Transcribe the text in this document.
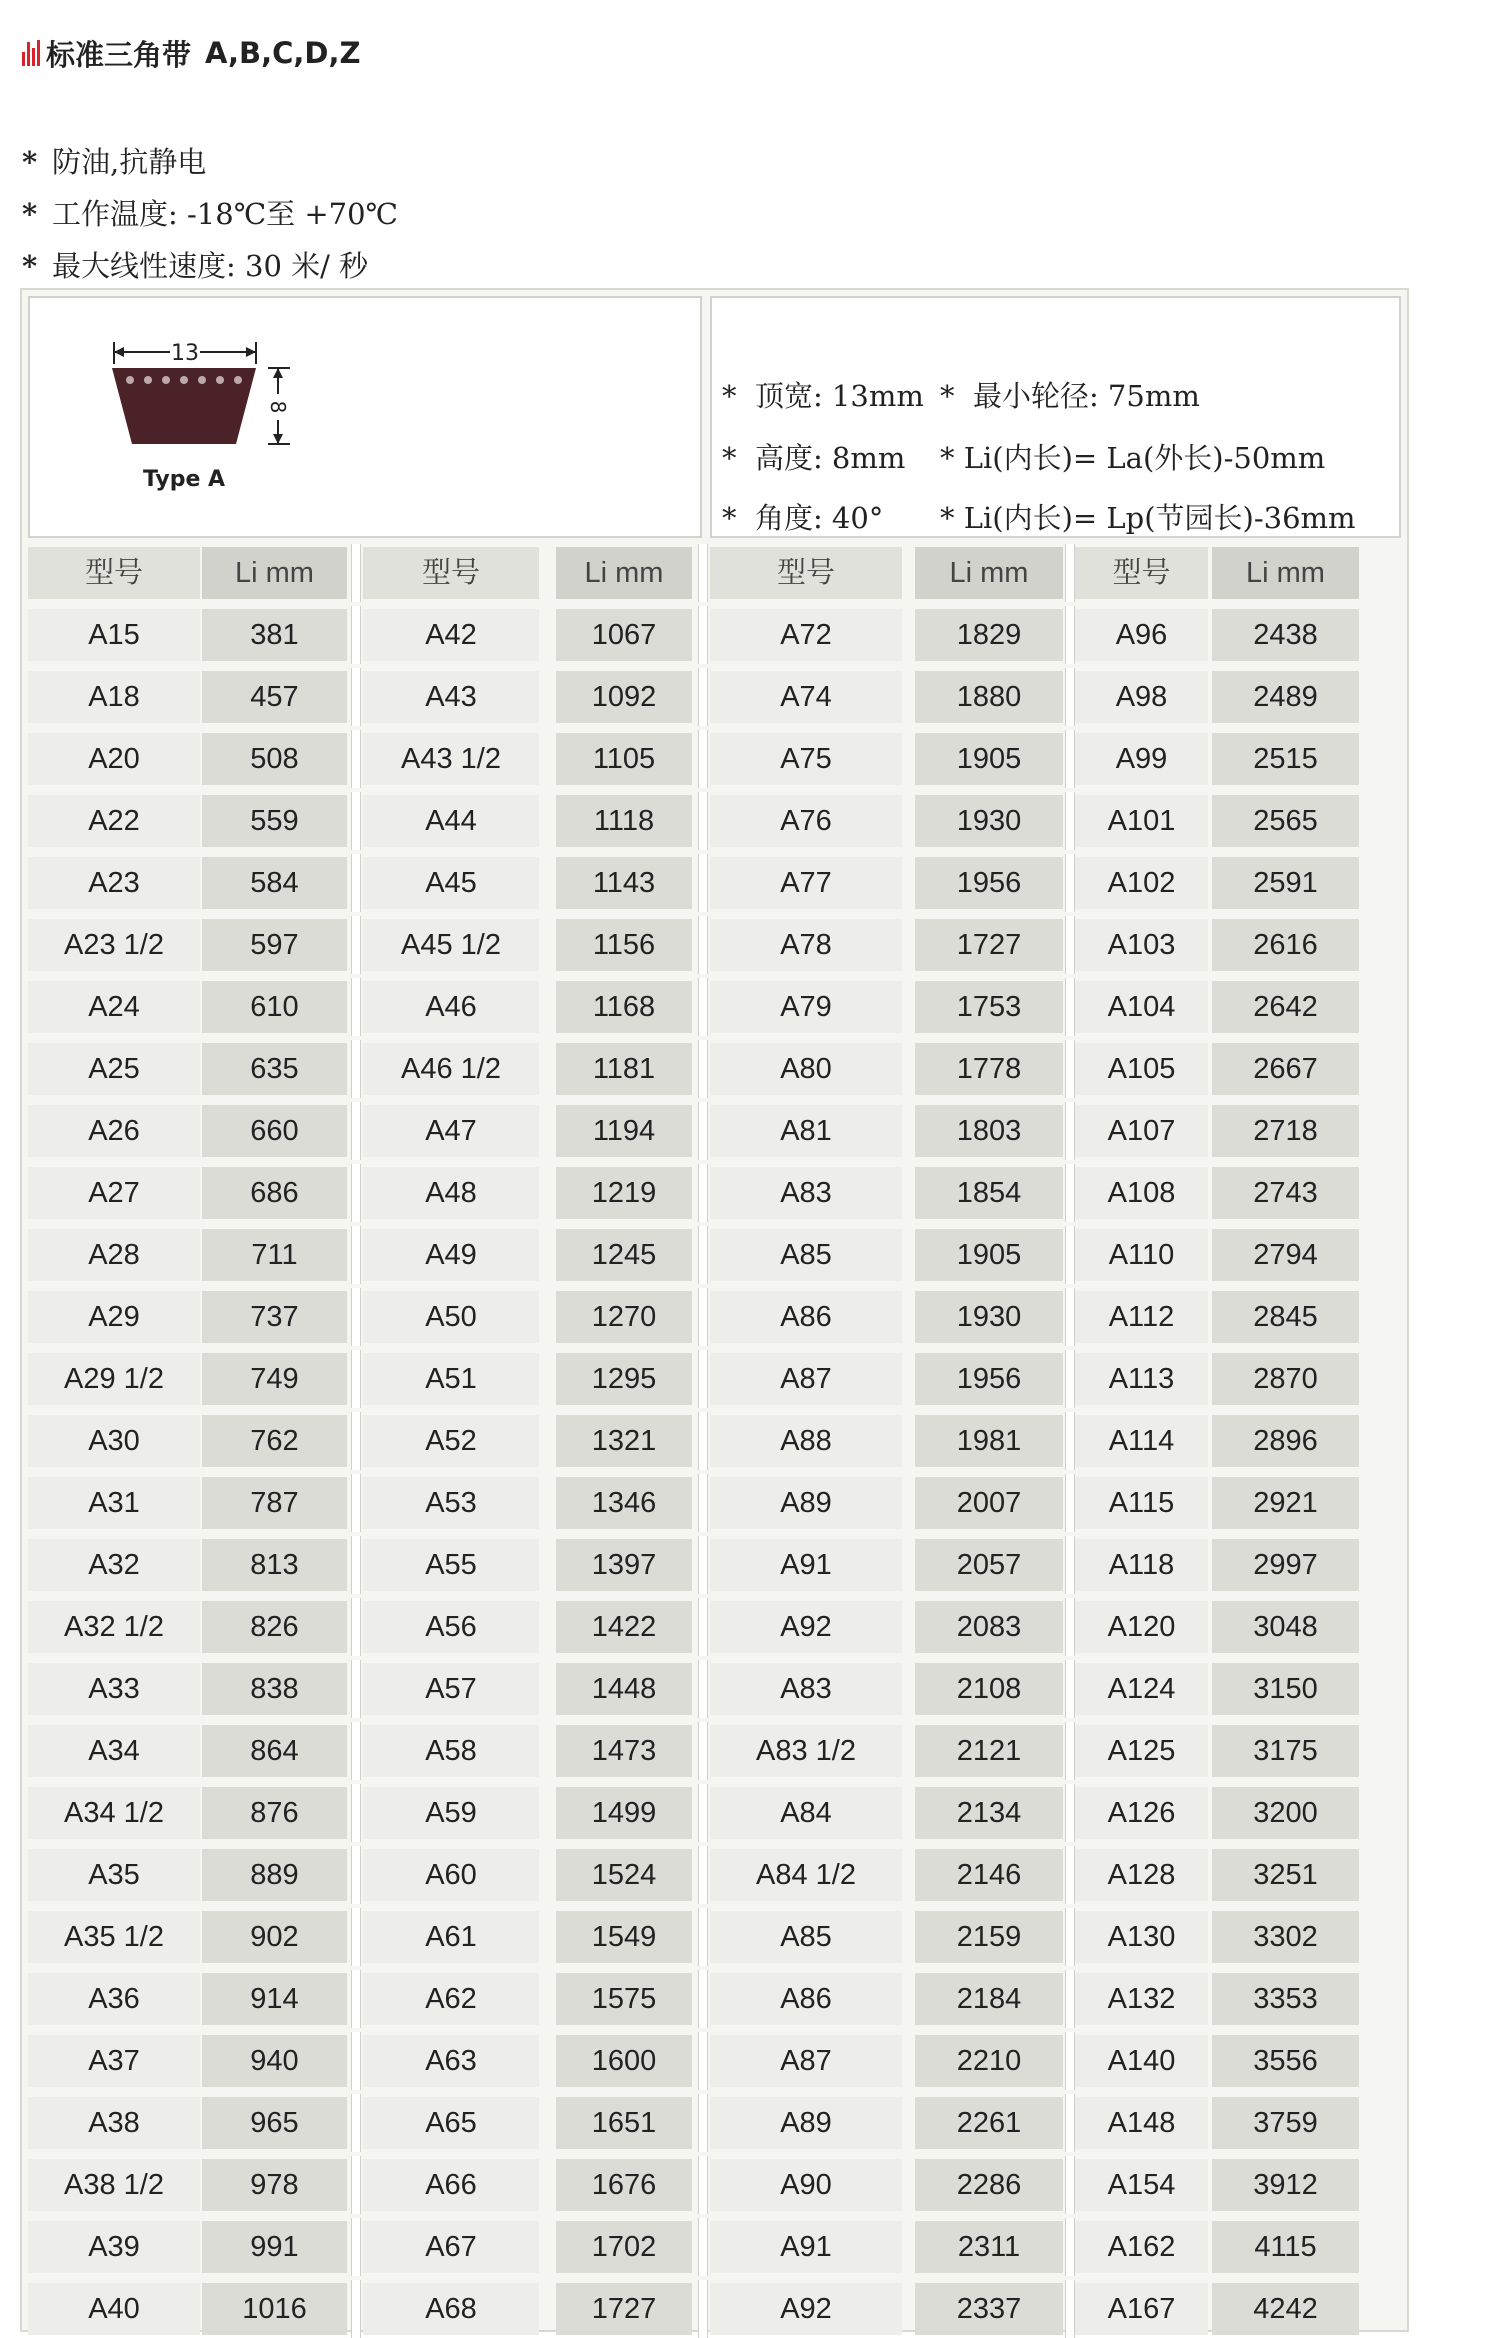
标准三角带 A,B,C,D,Z
* 防油,抗静电
* 工作温度: -18℃至 +70℃
* 最大线性速度: 30 米/ 秒
13
8
Type A
*  顶宽: 13mm *  最小轮径: 75mm
*  高度: 8mm * Li(内长)= La(外长)-50mm
*  角度: 40° * Li(内长)= Lp(节园长)-36mm
型号	Li mm	型号	Li mm	型号	Li mm	型号	Li mm
A15	381	A42	1067	A72	1829	A96	2438
A18	457	A43	1092	A74	1880	A98	2489
A20	508	A43 1/2	1105	A75	1905	A99	2515
A22	559	A44	1118	A76	1930	A101	2565
A23	584	A45	1143	A77	1956	A102	2591
A23 1/2	597	A45 1/2	1156	A78	1727	A103	2616
A24	610	A46	1168	A79	1753	A104	2642
A25	635	A46 1/2	1181	A80	1778	A105	2667
A26	660	A47	1194	A81	1803	A107	2718
A27	686	A48	1219	A83	1854	A108	2743
A28	711	A49	1245	A85	1905	A110	2794
A29	737	A50	1270	A86	1930	A112	2845
A29 1/2	749	A51	1295	A87	1956	A113	2870
A30	762	A52	1321	A88	1981	A114	2896
A31	787	A53	1346	A89	2007	A115	2921
A32	813	A55	1397	A91	2057	A118	2997
A32 1/2	826	A56	1422	A92	2083	A120	3048
A33	838	A57	1448	A83	2108	A124	3150
A34	864	A58	1473	A83 1/2	2121	A125	3175
A34 1/2	876	A59	1499	A84	2134	A126	3200
A35	889	A60	1524	A84 1/2	2146	A128	3251
A35 1/2	902	A61	1549	A85	2159	A130	3302
A36	914	A62	1575	A86	2184	A132	3353
A37	940	A63	1600	A87	2210	A140	3556
A38	965	A65	1651	A89	2261	A148	3759
A38 1/2	978	A66	1676	A90	2286	A154	3912
A39	991	A67	1702	A91	2311	A162	4115
A40	1016	A68	1727	A92	2337	A167	4242
